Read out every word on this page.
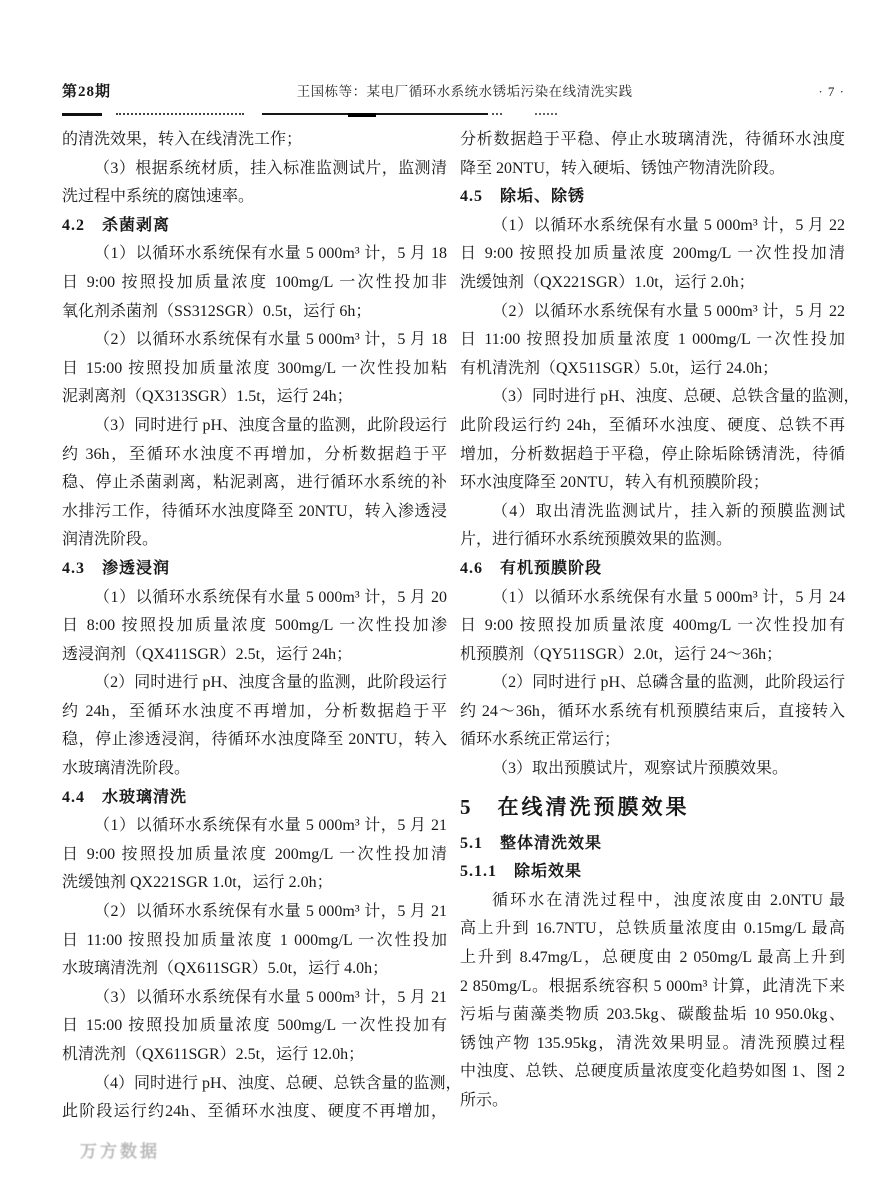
第28期	王国栋等：某电厂循环水系统水锈垢污染在线清洗实践	· 7 ·
的清洗效果，转入在线清洗工作；
（3）根据系统材质，挂入标准监测试片，监测清
洗过程中系统的腐蚀速率。
4.2　杀菌剥离
（1）以循环水系统保有水量 5 000m³ 计，5 月 18
日 9:00 按照投加质量浓度 100mg/L 一次性投加非
氧化剂杀菌剂（SS312SGR）0.5t，运行 6h；
（2）以循环水系统保有水量 5 000m³ 计，5 月 18
日 15:00 按照投加质量浓度 300mg/L 一次性投加粘
泥剥离剂（QX313SGR）1.5t，运行 24h；
（3）同时进行 pH、浊度含量的监测，此阶段运行
约 36h，至循环水浊度不再增加，分析数据趋于平
稳、停止杀菌剥离，粘泥剥离，进行循环水系统的补
水排污工作，待循环水浊度降至 20NTU，转入渗透浸
润清洗阶段。
4.3　渗透浸润
（1）以循环水系统保有水量 5 000m³ 计，5 月 20
日 8:00 按照投加质量浓度 500mg/L 一次性投加渗
透浸润剂（QX411SGR）2.5t，运行 24h；
（2）同时进行 pH、浊度含量的监测，此阶段运行
约 24h，至循环水浊度不再增加，分析数据趋于平
稳，停止渗透浸润，待循环水浊度降至 20NTU，转入
水玻璃清洗阶段。
4.4　水玻璃清洗
（1）以循环水系统保有水量 5 000m³ 计，5 月 21
日 9:00 按照投加质量浓度 200mg/L 一次性投加清
洗缓蚀剂 QX221SGR 1.0t，运行 2.0h；
（2）以循环水系统保有水量 5 000m³ 计，5 月 21
日 11:00 按照投加质量浓度 1 000mg/L 一次性投加
水玻璃清洗剂（QX611SGR）5.0t，运行 4.0h；
（3）以循环水系统保有水量 5 000m³ 计，5 月 21
日 15:00 按照投加质量浓度 500mg/L 一次性投加有
机清洗剂（QX611SGR）2.5t，运行 12.0h；
（4）同时进行 pH、浊度、总硬、总铁含量的监测，
此阶段运行约24h、至循环水浊度、硬度不再增加，
分析数据趋于平稳、停止水玻璃清洗，待循环水浊度
降至 20NTU，转入硬垢、锈蚀产物清洗阶段。
4.5　除垢、除锈
（1）以循环水系统保有水量 5 000m³ 计，5 月 22
日 9:00 按照投加质量浓度 200mg/L 一次性投加清
洗缓蚀剂（QX221SGR）1.0t，运行 2.0h；
（2）以循环水系统保有水量 5 000m³ 计，5 月 22
日 11:00 按照投加质量浓度 1 000mg/L 一次性投加
有机清洗剂（QX511SGR）5.0t，运行 24.0h；
（3）同时进行 pH、浊度、总硬、总铁含量的监测，
此阶段运行约 24h，至循环水浊度、硬度、总铁不再
增加，分析数据趋于平稳，停止除垢除锈清洗，待循
环水浊度降至 20NTU，转入有机预膜阶段；
（4）取出清洗监测试片，挂入新的预膜监测试
片，进行循环水系统预膜效果的监测。
4.6　有机预膜阶段
（1）以循环水系统保有水量 5 000m³ 计，5 月 24
日 9:00 按照投加质量浓度 400mg/L 一次性投加有
机预膜剂（QY511SGR）2.0t，运行 24～36h；
（2）同时进行 pH、总磷含量的监测，此阶段运行
约 24～36h，循环水系统有机预膜结束后，直接转入
循环水系统正常运行；
（3）取出预膜试片，观察试片预膜效果。
5　在线清洗预膜效果
5.1　整体清洗效果
5.1.1　除垢效果
循环水在清洗过程中，浊度浓度由 2.0NTU 最
高上升到 16.7NTU，总铁质量浓度由 0.15mg/L 最高
上升到 8.47mg/L，总硬度由 2 050mg/L 最高上升到
2 850mg/L。根据系统容积 5 000m³ 计算，此清洗下来
污垢与菌藻类物质 203.5kg、碳酸盐垢 10 950.0kg、
锈蚀产物 135.95kg，清洗效果明显。清洗预膜过程
中浊度、总铁、总硬度质量浓度变化趋势如图 1、图 2
所示。
万方数据
